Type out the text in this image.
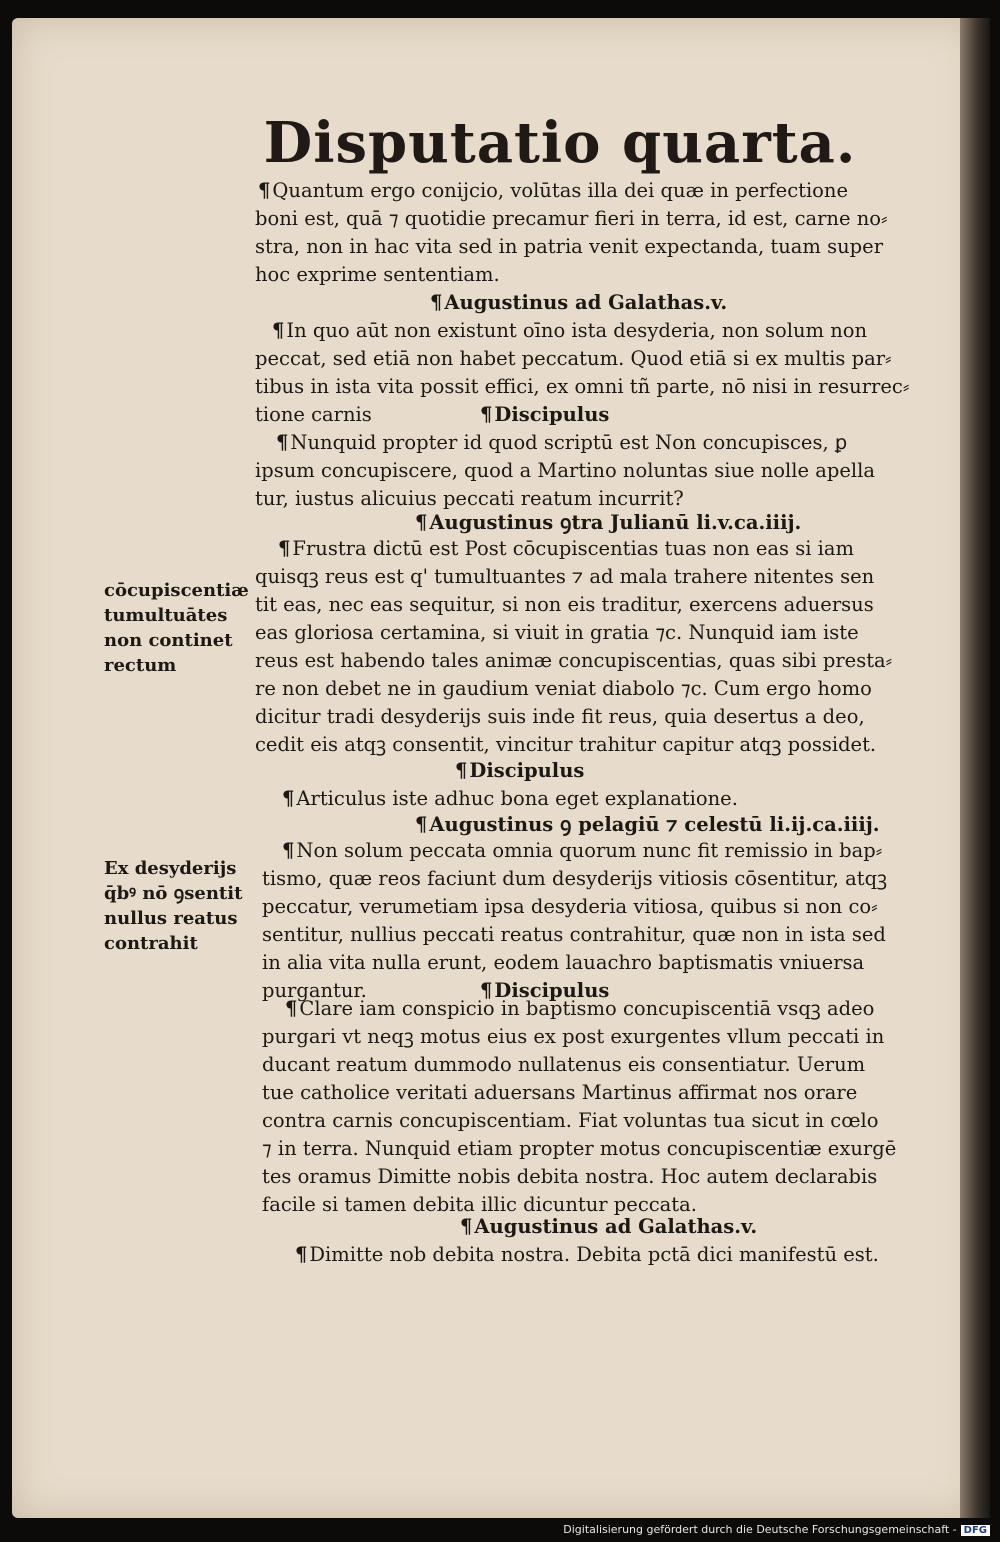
Disputatio quarta.
¶ Quantum ergo conijcio, volūtas illa dei quæ in perfectione
boni est, quā ⁊ quotidie precamur fieri in terra, id est, carne no⸗
stra, non in hac vita sed in patria venit expectanda, tuam super
hoc exprime sententiam.
¶ Augustinus ad Galathas.v.
¶ In quo aūt non existunt oīno ista desyderia, non solum non
peccat, sed etiā non habet peccatum. Quod etiā si ex multis par⸗
tibus in ista vita possit effici, ex omni tñ parte, nō nisi in resurrec⸗
tione carnis	¶ Discipulus
¶ Nunquid propter id quod scriptū est Non concupisces, ꝑ
ipsum concupiscere, quod a Martino noluntas siue nolle apella
tur, iustus alicuius peccati reatum incurrit?
¶ Augustinus ꝯtra Julianū li.v.ca.iiij.
¶ Frustra dictū est Post cōcupiscentias tuas non eas si iam
quisqꝫ reus est q' tumultuantes ⁊ ad mala trahere nitentes sen
tit eas, nec eas sequitur, si non eis traditur, exercens aduersus
eas gloriosa certamina, si viuit in gratia ⁊c. Nunquid iam iste
reus est habendo tales animæ concupiscentias, quas sibi presta⸗
re non debet ne in gaudium veniat diabolo ⁊c. Cum ergo homo
dicitur tradi desyderijs suis inde fit reus, quia desertus a deo,
cedit eis atqꝫ consentit, vincitur trahitur capitur atqꝫ possidet.
¶ Discipulus
¶ Articulus iste adhuc bona eget explanatione.
¶ Augustinus ꝯ pelagiū ⁊ celestū li.ij.ca.iiij.
¶ Non solum peccata omnia quorum nunc fit remissio in bap⸗
tismo, quæ reos faciunt dum desyderijs vitiosis cōsentitur, atqꝫ
peccatur, verumetiam ipsa desyderia vitiosa, quibus si non co⸗
sentitur, nullius peccati reatus contrahitur, quæ non in ista sed
in alia vita nulla erunt, eodem lauachro baptismatis vniuersa
purgantur.	¶ Discipulus
¶ Clare iam conspicio in baptismo concupiscentiā vsqꝫ adeo
purgari vt neqꝫ motus eius ex post exurgentes vllum peccati in
ducant reatum dummodo nullatenus eis consentiatur. Uerum
tue catholice veritati aduersans Martinus affirmat nos orare
contra carnis concupiscentiam. Fiat voluntas tua sicut in cœlo
⁊ in terra. Nunquid etiam propter motus concupiscentiæ exurgē
tes oramus Dimitte nobis debita nostra. Hoc autem declarabis
facile si tamen debita illic dicuntur peccata.
¶ Augustinus ad Galathas.v.
¶ Dimitte nob debita nostra. Debita pctā dici manifestū est.
cōcupiscentiæ
tumultuātes
non continet
rectum
Ex desyderijs
q̄bꝰ nō ꝯsentit
nullus reatus
contrahit
Digitalisierung gefördert durch die Deutsche Forschungsgemeinschaft - DFG
